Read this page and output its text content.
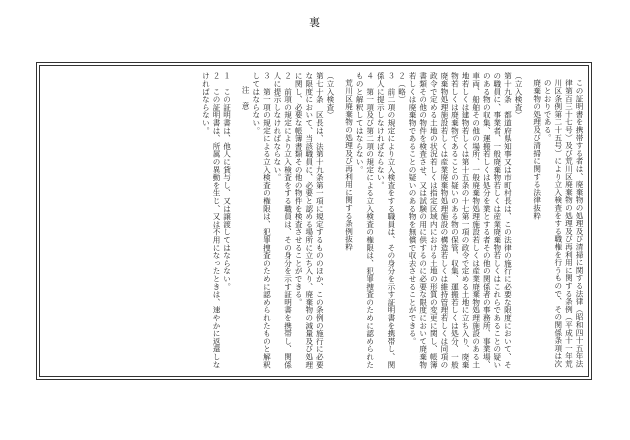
裏

この証明書を携帯する者は、廃棄物の処理及び清掃に関する法律（昭和四十五年法律第百三十七号）及び荒川区廃棄物の処理及び再利用に関する条例（平成十一年荒川区条例第二十五号）により立入検査をする職権を行うもので、その関係条項は次のとおりである。

廃棄物の処理及び清掃に関する法律抜粋

（立入検査）

第十九条　都道府県知事又は市町村長は、この法律の施行に必要な限度において、その職員に、事業者、一般廃棄物若しくは産業廃棄物若しくはこれらであることの疑いのある物の収集、運搬若しくは処分を業とする者その他の関係者の事務所、事業場、車両、船舶その他の場所、一般廃棄物処理施設若しくは産業廃棄物処理施設のある土地若しくは建物若しくは第十五条の十七第一項の政令で定める土地に立ち入り、廃棄物若しくは廃棄物であることの疑いのある物の保管、収集、運搬若しくは処分、一般廃棄物処理施設若しくは産業廃棄物処理施設の構造若しくは維持管理若しくは同項の政令で定める土地の状況若しくは指定区域内における土地の形質の変更に関し、帳簿書類その他の物件を検査させ、又は試験の用に供するのに必要な限度において廃棄物若しくは廃棄物であることの疑いのある物を無償で収去させることができる。

２（略）

３　前二項の規定により立入検査をする職員は、その身分を示す証明書を携帯し、関係人に提示しなければならない。

４　第一項及び第二項の規定による立入検査の権限は、犯罪捜査のために認められたものと解釈してはならない。

荒川区廃棄物の処理及び再利用に関する条例抜粋

（立入検査）

第七十条　区長は、法第十九条第一項に規定するもののほか、この条例の施行に必要な限度において、当該職員に、必要と認める場所に立ち入り、廃棄物の減量及び処理に関し、必要な帳簿書類その他の物件を検査させることができる。

２　前項の規定により立入検査をする職員は、その身分を示す証明書を携帯し、関係人に提示しなければならない。

３　第一項の規定による立入検査の権限は、犯罪捜査のために認められたものと解釈してはならない。

注　意

１　この証明書は、他人に貸与し、又は譲渡してはならない。

２　この証明書は、所属の異動を生じ、又は不用になったときは、速やかに返還しなければならない。
